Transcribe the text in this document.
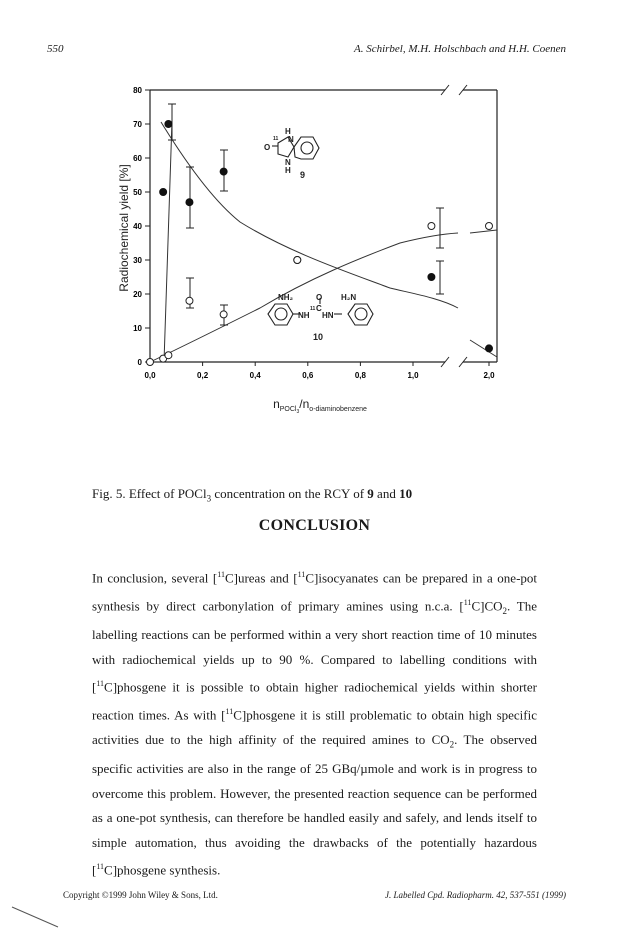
550	A. Schirbel, M.H. Holschbach and H.H. Coenen
0
10
20
30
40
50
60
70
80
0,0	0,2	0,4	0,6	0,8	1,0	2,0
Radiochemical yield [%]
$nPOCl3^{/n}o$-diaminobenzene
O
11
H
N
N
H 9
NH₂	O H₂N
11 C
NH HN
10
Fig. 5. Effect of POCl$_3$ concentration on the RCY of 9 and 10
CONCLUSION

In conclusion, several [$^{11}$C]ureas and [$^{11}$C]isocyanates can be prepared in a one-pot synthesis by direct carbonylation of primary amines using n.c.a. $[^{11}C]CO_2$. The labelling reactions can be performed within a very short reaction time of 10 minutes with radiochemical yields up to 90 %. Compared to labelling conditions with [$^{11}$C]phosgene it is possible to obtain higher radiochemical yields within shorter reaction times. As with [$^{11}$C]phosgene it is still problematic to obtain high specific activities due to the high affinity of the required amines to $CO_2$. The observed specific activities are also in the range of 25 GBq/µmole and work is in progress to overcome this problem. However, the presented reaction sequence can be performed as a one-pot synthesis, can therefore be handled easily and safely, and lends itself to simple automation, thus avoiding the drawbacks of the potentially hazardous [$^{11}$C]phosgene synthesis.

Copyright ©1999 John Wiley & Sons, Ltd.	J. Labelled Cpd. Radiopharm. 42, 537-551 (1999)
